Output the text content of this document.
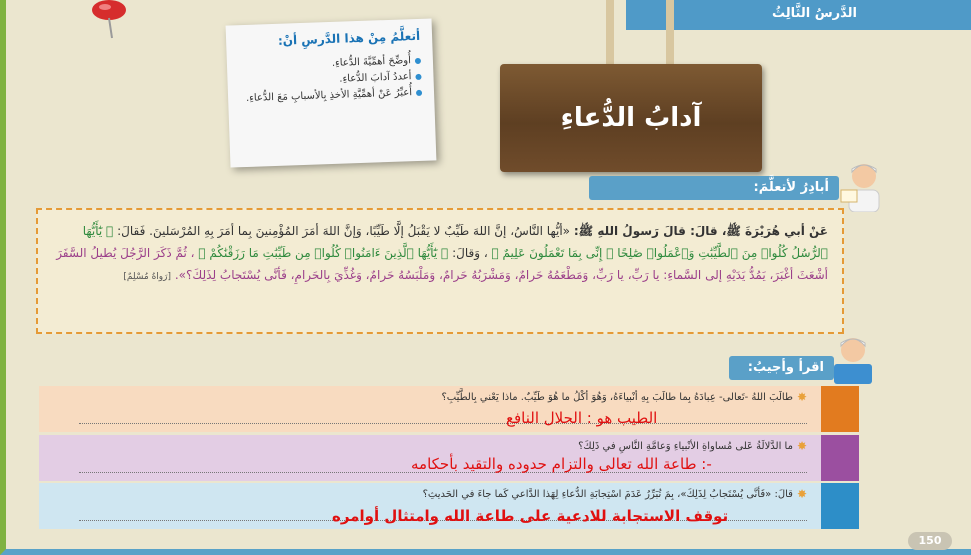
الدَّرسُ الثَّالِثُ
أتعلَّمُ مِنْ هذا الدَّرسِ أنْ:
أُوضِّحَ أهمِّيَّةَ الدُّعاءِ.
أعددُ آدابَ الدُّعاءِ.
أُعبِّرُ عَنْ أهمِّيَّةِ الأخذِ بِالأسبابِ مَعَ الدُّعاءِ.
آدابُ الدُّعاءِ
أبادِرُ لأتعلَّمَ:
عَنْ أبي هُرَيْرَةَ ﷺ، قالَ: قالَ رَسولُ اللهِ ﷺ: «أيُّها النَّاسُ، إنَّ اللهَ طَيِّبٌ لا يَقْبَلُ إلَّا طَيِّبًا، وَإنَّ اللهَ أمَرَ المُؤْمِنينَ بِما أمَرَ بِهِ المُرْسَلينَ. فَقالَ: ﴿ يَٰٓأَيُّهَا ٱلرُّسُلُ كُلُوا۟ مِنَ ٱلطَّيِّبَٰتِ وَٱعْمَلُوا۟ صَٰلِحًا ۖ إِنِّى بِمَا تَعْمَلُونَ عَلِيمٌ ﴾ ، وَقالَ: ﴿ يَٰٓأَيُّهَا ٱلَّذِينَ ءَامَنُوا۟ كُلُوا۟ مِن طَيِّبَٰتِ مَا رَزَقْنَٰكُمْ ﴾ ، ثُمَّ ذَكَرَ الرَّجُلَ يُطيلُ السَّفَرَ أشْعَثَ أغْبَرَ، يَمُدُّ يَدَيْهِ إلى السَّماءِ: يا رَبِّ، يا رَبِّ، وَمَطْعَمُهُ حَرامٌ، وَمَشْرَبُهُ حَرامٌ، وَمَلْبَسُهُ حَرامٌ، وَغُذِّيَ بِالحَرامِ، فَأنَّى يُسْتَجابُ لِذَلِكَ؟». [رَواهُ مُسْلِمٌ]
اقرأ وأجيبُ:
✸
طالَبَ اللهُ -تَعالى- عِبادَهُ بِما طالَبَ بِهِ أنْبياءَهُ، وَهُوَ أكْلُ ما هُوَ طَيِّبٌ. ماذا يَعْني بِالطَّيِّبِ؟
✸
ما الدَّلالَةُ عَلى مُساواةِ الأنْبياءِ وَعامَّةِ النَّاسِ في ذَلِكَ؟
✸
قالَ: «فَأنَّى يُسْتَجابُ لِذَلِكَ»، بِمَ تُبَرِّرُ عَدَمَ اسْتِجابَةِ الدُّعاءِ لِهَذا الدَّاعي كَما جاءَ في الحَديثِ؟
الطيب هو : الحلال النافع
-: طاعة الله تعالى والتزام حدوده والتقيد بأحكامه
توقف الاستجابة للادعية على طاعة الله وامتثال أوامره
150
